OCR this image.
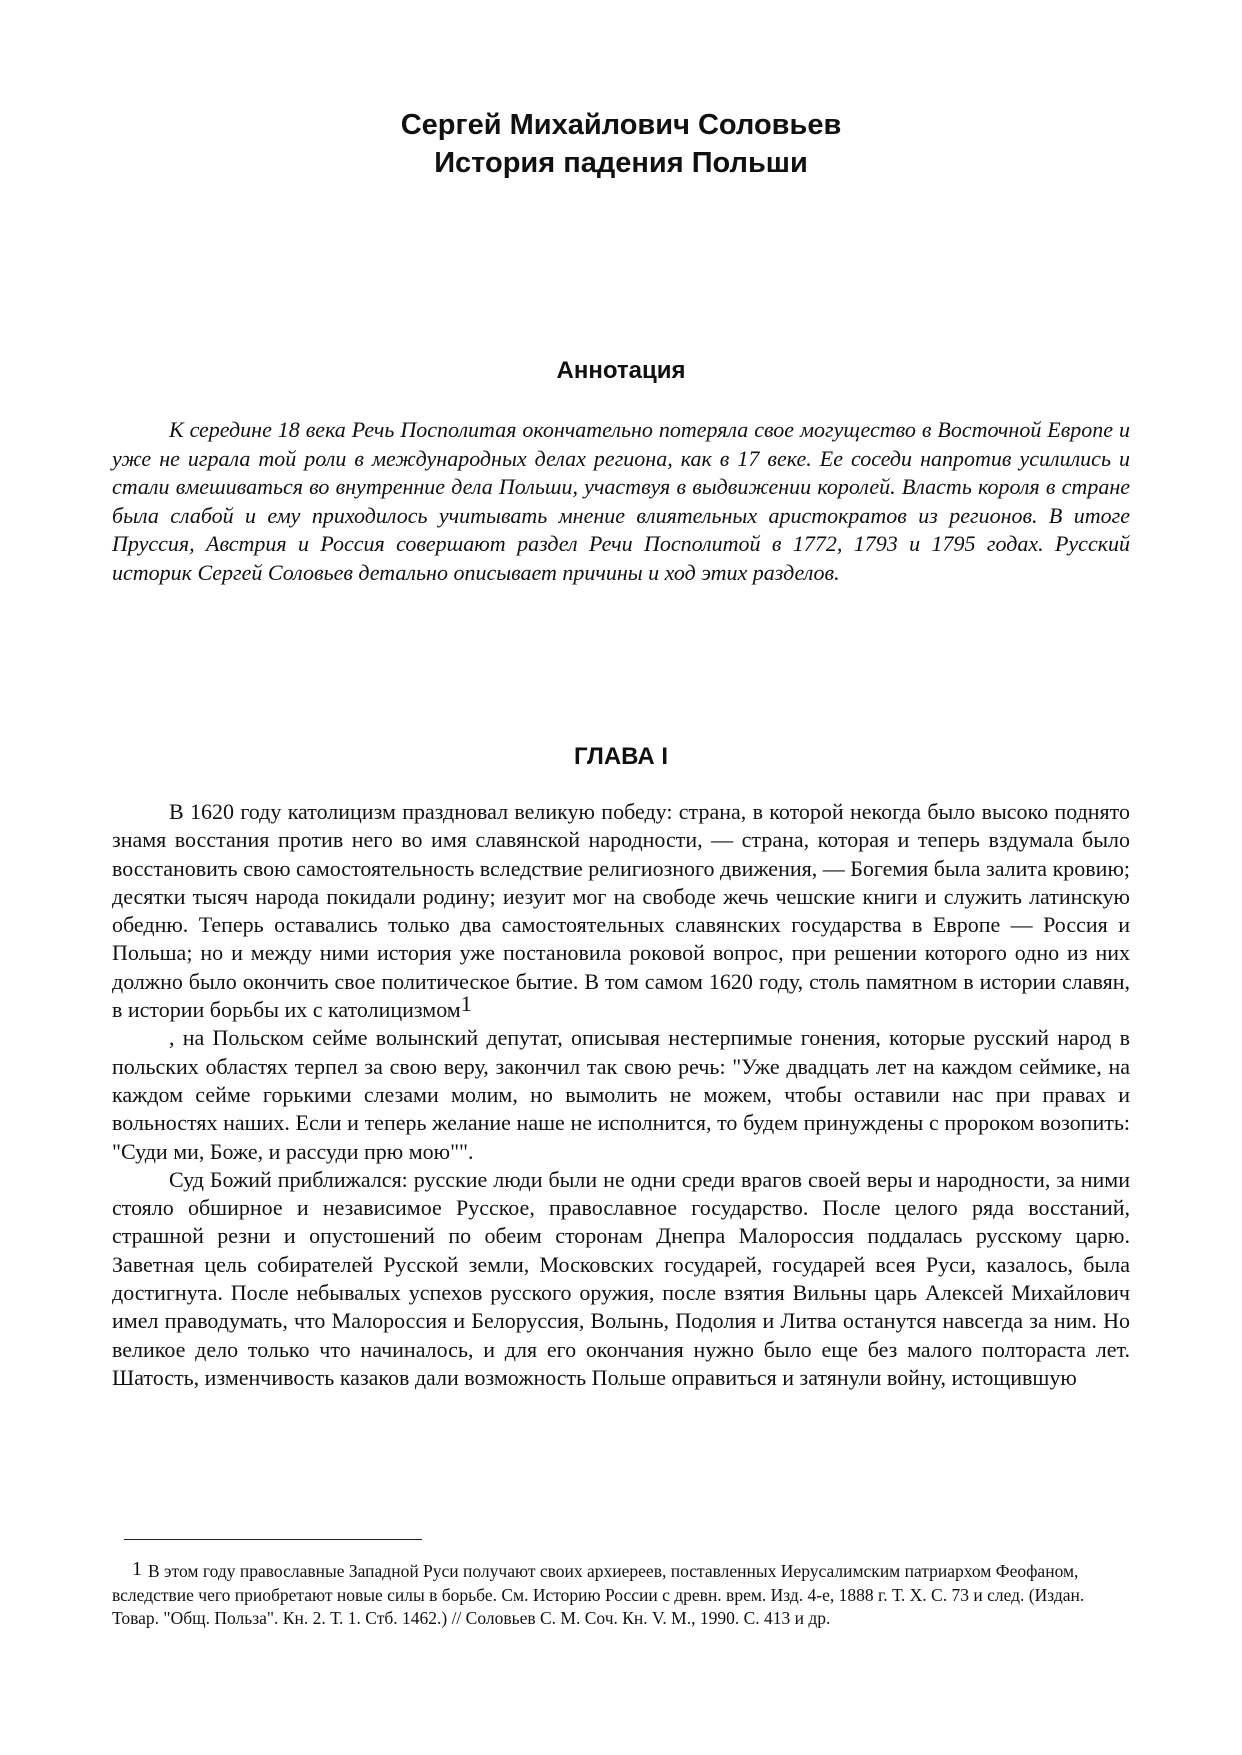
Сергей Михайлович Соловьев
История падения Польши
Аннотация

К середине 18 века Речь Посполитая окончательно потеряла свое могущество в Восточной Европе и уже не играла той роли в международных делах региона, как в 17 веке. Ее соседи напротив усилились и стали вмешиваться во внутренние дела Польши, участвуя в выдвижении королей. Власть короля в стране была слабой и ему приходилось учитывать мнение влиятельных аристократов из регионов. В итоге Пруссия, Австрия и Россия совершают раздел Речи Посполитой в 1772, 1793 и 1795 годах. Русский историк Сергей Соловьев детально описывает причины и ход этих разделов.

ГЛАВА I

В 1620 году католицизм праздновал великую победу: страна, в которой некогда было высоко поднято знамя восстания против него во имя славянской народности, — страна, которая и теперь вздумала было восстановить свою самостоятельность вследствие религиозного движения, — Богемия была залита кровию; десятки тысяч народа покидали родину; иезуит мог на свободе жечь чешские книги и служить латинскую обедню. Теперь оставались только два самостоятельных славянских государства в Европе — Россия и Польша; но и между ними история уже постановила роковой вопрос, при решении которого одно из них должно было окончить свое политическое бытие. В том самом 1620 году, столь памятном в истории славян, в истории борьбы их с католицизмом1

, на Польском сейме волынский депутат, описывая нестерпимые гонения, которые русский народ в польских областях терпел за свою веру, закончил так свою речь: "Уже двадцать лет на каждом сеймике, на каждом сейме горькими слезами молим, но вымолить не можем, чтобы оставили нас при правах и вольностях наших. Если и теперь желание наше не исполнится, то будем принуждены с пророком возопить: "Суди ми, Боже, и рассуди прю мою"".

Суд Божий приближался: русские люди были не одни среди врагов своей веры и народности, за ними стояло обширное и независимое Русское, православное государство. После целого ряда восстаний, страшной резни и опустошений по обеим сторонам Днепра Малороссия поддалась русскому царю. Заветная цель собирателей Русской земли, Московских государей, государей всея Руси, казалось, была достигнута. После небывалых успехов русского оружия, после взятия Вильны царь Алексей Михайлович имел праводумать, что Малороссия и Белоруссия, Волынь, Подолия и Литва останутся навсегда за ним. Но великое дело только что начиналось, и для его окончания нужно было еще без малого полтораста лет. Шатость, изменчивость казаков дали возможность Польше оправиться и затянули войну, истощившую

1 В этом году православные Западной Руси получают своих архиереев, поставленных Иерусалимским патриархом Феофаном, вследствие чего приобретают новые силы в борьбе. См. Историю России с древн. врем. Изд. 4-е, 1888 г. Т. X. С. 73 и след. (Издан. Товар. "Общ. Польза". Кн. 2. Т. 1. Стб. 1462.) // Соловьев С. М. Соч. Кн. V. М., 1990. С. 413 и др.
